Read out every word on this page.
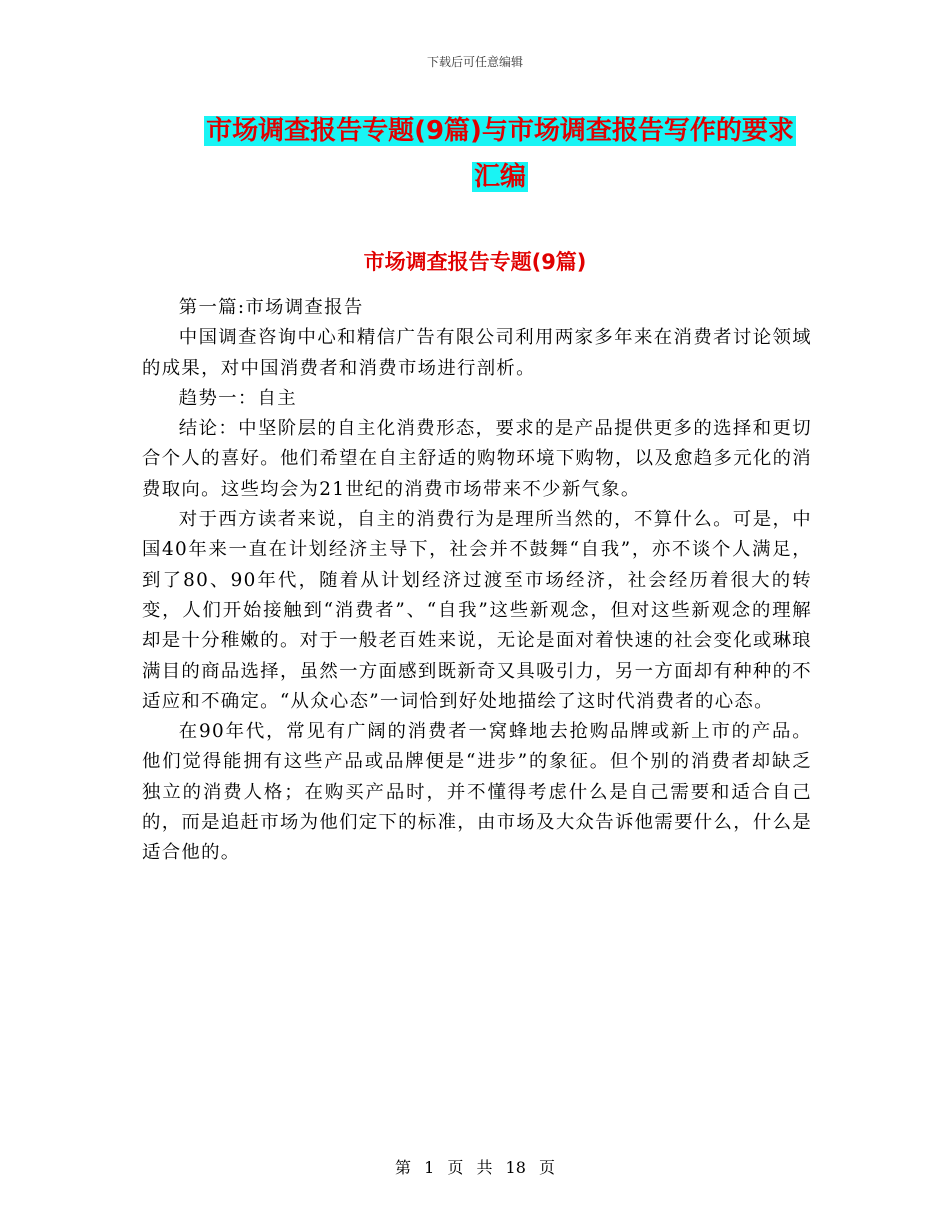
下载后可任意编辑
市场调查报告专题(9篇)与市场调查报告写作的要求
汇编
市场调查报告专题(9篇)

第一篇:市场调查报告

中国调查咨询中心和精信广告有限公司利用两家多年来在消费者讨论领域的成果，对中国消费者和消费市场进行剖析。

趋势一：自主

结论：中坚阶层的自主化消费形态，要求的是产品提供更多的选择和更切合个人的喜好。他们希望在自主舒适的购物环境下购物，以及愈趋多元化的消费取向。这些均会为21世纪的消费市场带来不少新气象。

对于西方读者来说，自主的消费行为是理所当然的，不算什么。可是，中国40年来一直在计划经济主导下，社会并不鼓舞“自我”，亦不谈个人满足，到了80、90年代，随着从计划经济过渡至市场经济，社会经历着很大的转变，人们开始接触到“消费者”、“自我”这些新观念，但对这些新观念的理解却是十分稚嫩的。对于一般老百姓来说，无论是面对着快速的社会变化或琳琅满目的商品选择，虽然一方面感到既新奇又具吸引力，另一方面却有种种的不适应和不确定。“从众心态”一词恰到好处地描绘了这时代消费者的心态。

在90年代，常见有广阔的消费者一窝蜂地去抢购品牌或新上市的产品。他们觉得能拥有这些产品或品牌便是“进步”的象征。但个别的消费者却缺乏独立的消费人格；在购买产品时，并不懂得考虑什么是自己需要和适合自己的，而是追赶市场为他们定下的标准，由市场及大众告诉他需要什么，什么是适合他的。

第 1 页 共 18 页
